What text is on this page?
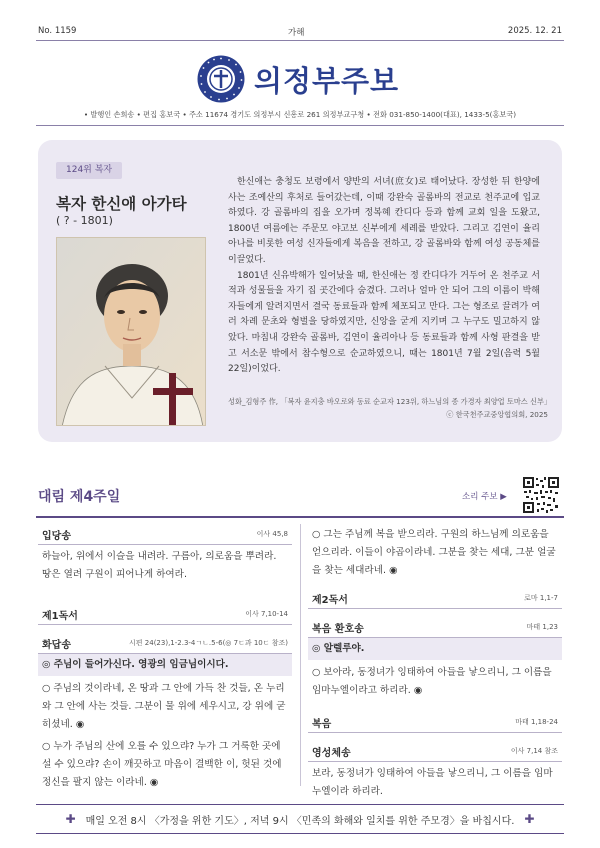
No. 1159	가해	2025. 12. 21
의정부주보
• 발행인 손희송 • 편집 홍보국 • 주소 11674 경기도 의정부시 신흥로 261 의정부교구청 • 전화 031-850-1400(대표), 1433-5(홍보국)
124위 복자
복자 한신애 아가타
( ? - 1801)

한신애는 충청도 보령에서 양반의 서녀(庶女)로 태어났다. 장성한 뒤 한양에 사는 조예산의 후처로 들어갔는데, 이때 강완숙 골롬바의 전교로 천주교에 입교하였다. 강 골롬바의 집을 오가며 정복혜 칸디다 등과 함께 교회 일을 도왔고, 1800년 여름에는 주문모 야고보 신부에게 세례를 받았다. 그리고 김연이 율리아나를 비롯한 여성 신자들에게 복음을 전하고, 강 골롬바와 함께 여성 공동체를 이끌었다.

1801년 신유박해가 일어났을 때, 한신애는 정 칸디다가 거두어 온 천주교 서적과 성물들을 자기 집 곳간에다 숨겼다. 그러나 얼마 안 되어 그의 이름이 박해자들에게 알려지면서 결국 동료들과 함께 체포되고 만다. 그는 형조로 끌려가 여러 차례 문초와 형벌을 당하였지만, 신앙을 굳게 지키며 그 누구도 밀고하지 않았다. 마침내 강완숙 골롬바, 김연이 율리아나 등 동료들과 함께 사형 판결을 받고 서소문 밖에서 참수형으로 순교하였으니, 때는 1801년 7월 2일(음력 5월 22일)이었다.

성화_김형주 作, 「복자 윤지충 바오로와 동료 순교자 123위, 하느님의 종 가경자 최양업 토마스 신부」
ⓒ 한국천주교중앙협의회, 2025
대림 제4주일	소리 주보 ▶
입당송	이사 45,8
하늘아, 위에서 이슬을 내려라. 구름아, 의로움을 뿌려라. 땅은 열려 구원이 피어나게 하여라.
제1독서	이사 7,10-14
화답송	시편 24(23),1-2.3-4ㄱㄴ.5-6(◎ 7ㄷ과 10ㄷ 참조)
◎ 주님이 들어가신다. 영광의 임금님이시다.
○ 주님의 것이라네, 온 땅과 그 안에 가득 찬 것들, 온 누리와 그 안에 사는 것들. 그분이 물 위에 세우시고, 강 위에 굳히셨네. ◉
○ 누가 주님의 산에 오를 수 있으랴? 누가 그 거룩한 곳에 설 수 있으랴? 손이 깨끗하고 마음이 결백한 이, 헛된 것에 정신을 팔지 않는 이라네. ◉
○ 그는 주님께 복을 받으리라. 구원의 하느님께 의로움을 얻으리라. 이들이 야곱이라네. 그분을 찾는 세대, 그분 얼굴을 찾는 세대라네. ◉
제2독서	로마 1,1-7
복음 환호송	마태 1,23
◎ 알렐루야.
○ 보아라, 동정녀가 잉태하여 아들을 낳으리니, 그 이름을 임마누엘이라고 하리라. ◉
복음	마태 1,18-24
영성체송	이사 7,14 참조
보라, 동정녀가 잉태하여 아들을 낳으리니, 그 이름을 임마누엘이라 하리라.
✚ 매일 오전 8시 〈가정을 위한 기도〉, 저녁 9시 〈민족의 화해와 일치를 위한 주모경〉을 바칩시다. ✚
